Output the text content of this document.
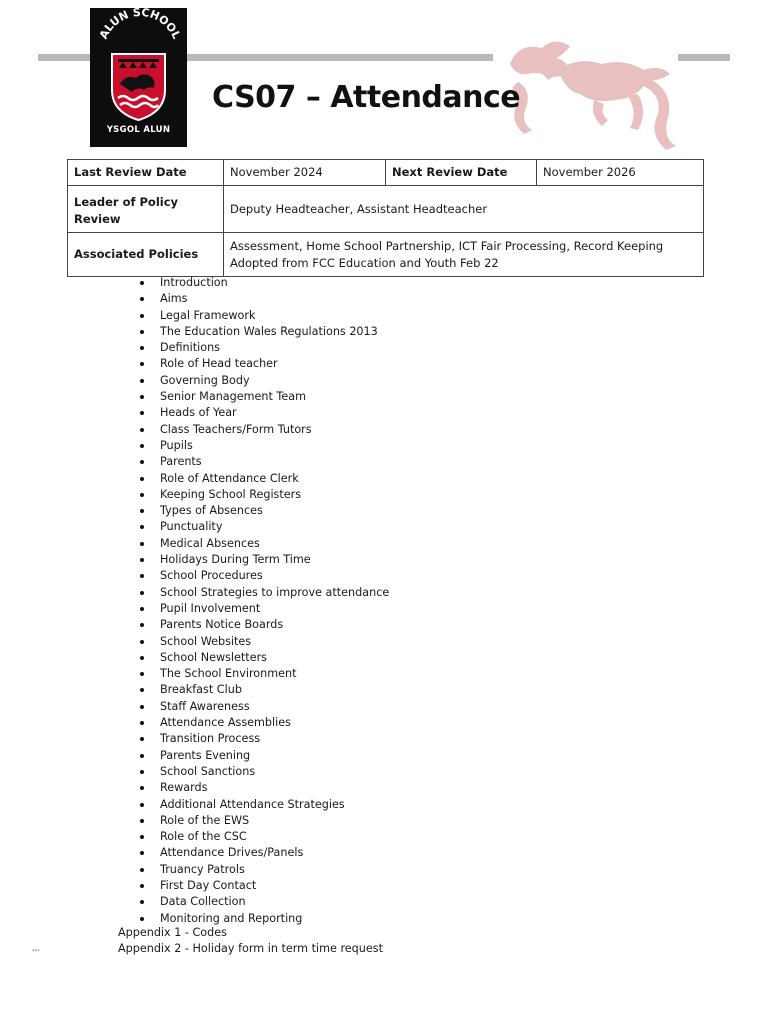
ALUN SCHOOL
YSGOL ALUN
CS07 – Attendance
Last Review Date	November 2024	Next Review Date	November 2026
Leader of Policy Review	Deputy Headteacher, Assistant Headteacher		
Associated Policies	Assessment, Home School Partnership, ICT Fair Processing, Record Keeping
Adopted from FCC Education and Youth Feb 22		
Introduction
Aims
Legal Framework
The Education Wales Regulations 2013
Definitions
Role of Head teacher
Governing Body
Senior Management Team
Heads of Year
Class Teachers/Form Tutors
Pupils
Parents
Role of Attendance Clerk
Keeping School Registers
Types of Absences
Punctuality
Medical Absences
Holidays During Term Time
School Procedures
School Strategies to improve attendance
Pupil Involvement
Parents Notice Boards
School Websites
School Newsletters
The School Environment
Breakfast Club
Staff Awareness
Attendance Assemblies
Transition Process
Parents Evening
School Sanctions
Rewards
Additional Attendance Strategies
Role of the EWS
Role of the CSC
Attendance Drives/Panels
Truancy Patrols
First Day Contact
Data Collection
Monitoring and Reporting
Appendix 1 - Codes
Appendix 2 - Holiday form in term time request
***
